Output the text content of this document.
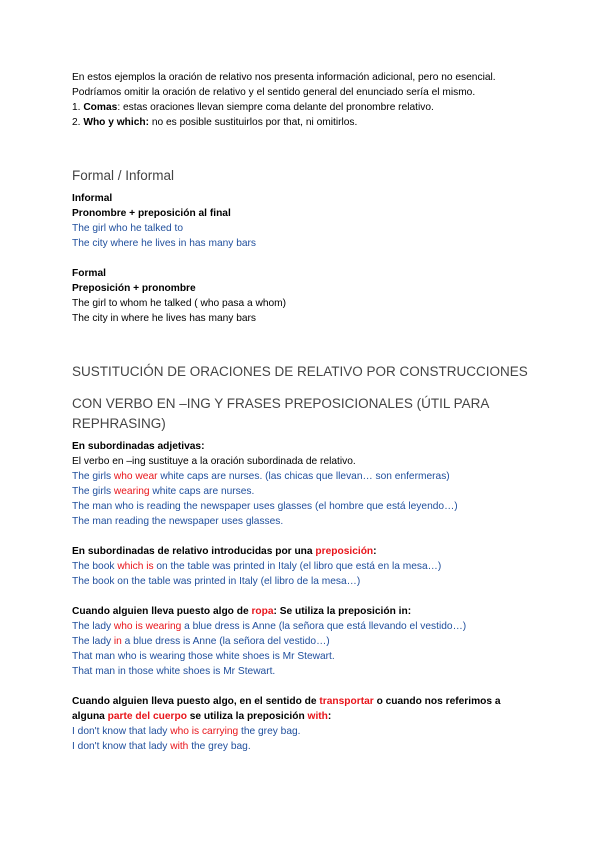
En estos ejemplos la oración de relativo nos presenta información adicional, pero no esencial. Podríamos omitir la oración de relativo y el sentido general del enunciado sería el mismo.

1. Comas: estas oraciones llevan siempre coma delante del pronombre relativo.

2. Who y which: no es posible sustituirlos por that, ni omitirlos.

Formal / Informal

Informal

Pronombre + preposición al final

The girl who he talked to

The city where he lives in has many bars

Formal

Preposición + pronombre

The girl to whom he talked ( who pasa a whom)

The city in where he lives has many bars

SUSTITUCIÓN DE ORACIONES DE RELATIVO POR CONSTRUCCIONES

CON VERBO EN –ING Y FRASES PREPOSICIONALES (ÚTIL PARA REPHRASING)

En subordinadas adjetivas:

El verbo en –ing sustituye a la oración subordinada de relativo.

The girls who wear white caps are nurses. (las chicas que llevan… son enfermeras)

The girls wearing white caps are nurses.

The man who is reading the newspaper uses glasses (el hombre que está leyendo…)

The man reading the newspaper uses glasses.

En subordinadas de relativo introducidas por una preposición:

The book which is on the table was printed in Italy (el libro que está en la mesa…)

The book on the table was printed in Italy (el libro de la mesa…)

Cuando alguien lleva puesto algo de ropa: Se utiliza la preposición in:

The lady who is wearing a blue dress is Anne (la señora que está llevando el vestido…)

The lady in a blue dress is Anne (la señora del vestido…)

That man who is wearing those white shoes is Mr Stewart.

That man in those white shoes is Mr Stewart.

Cuando alguien lleva puesto algo, en el sentido de transportar o cuando nos referimos a alguna parte del cuerpo se utiliza la preposición with:

I don't know that lady who is carrying the grey bag.

I don't know that lady with the grey bag.
